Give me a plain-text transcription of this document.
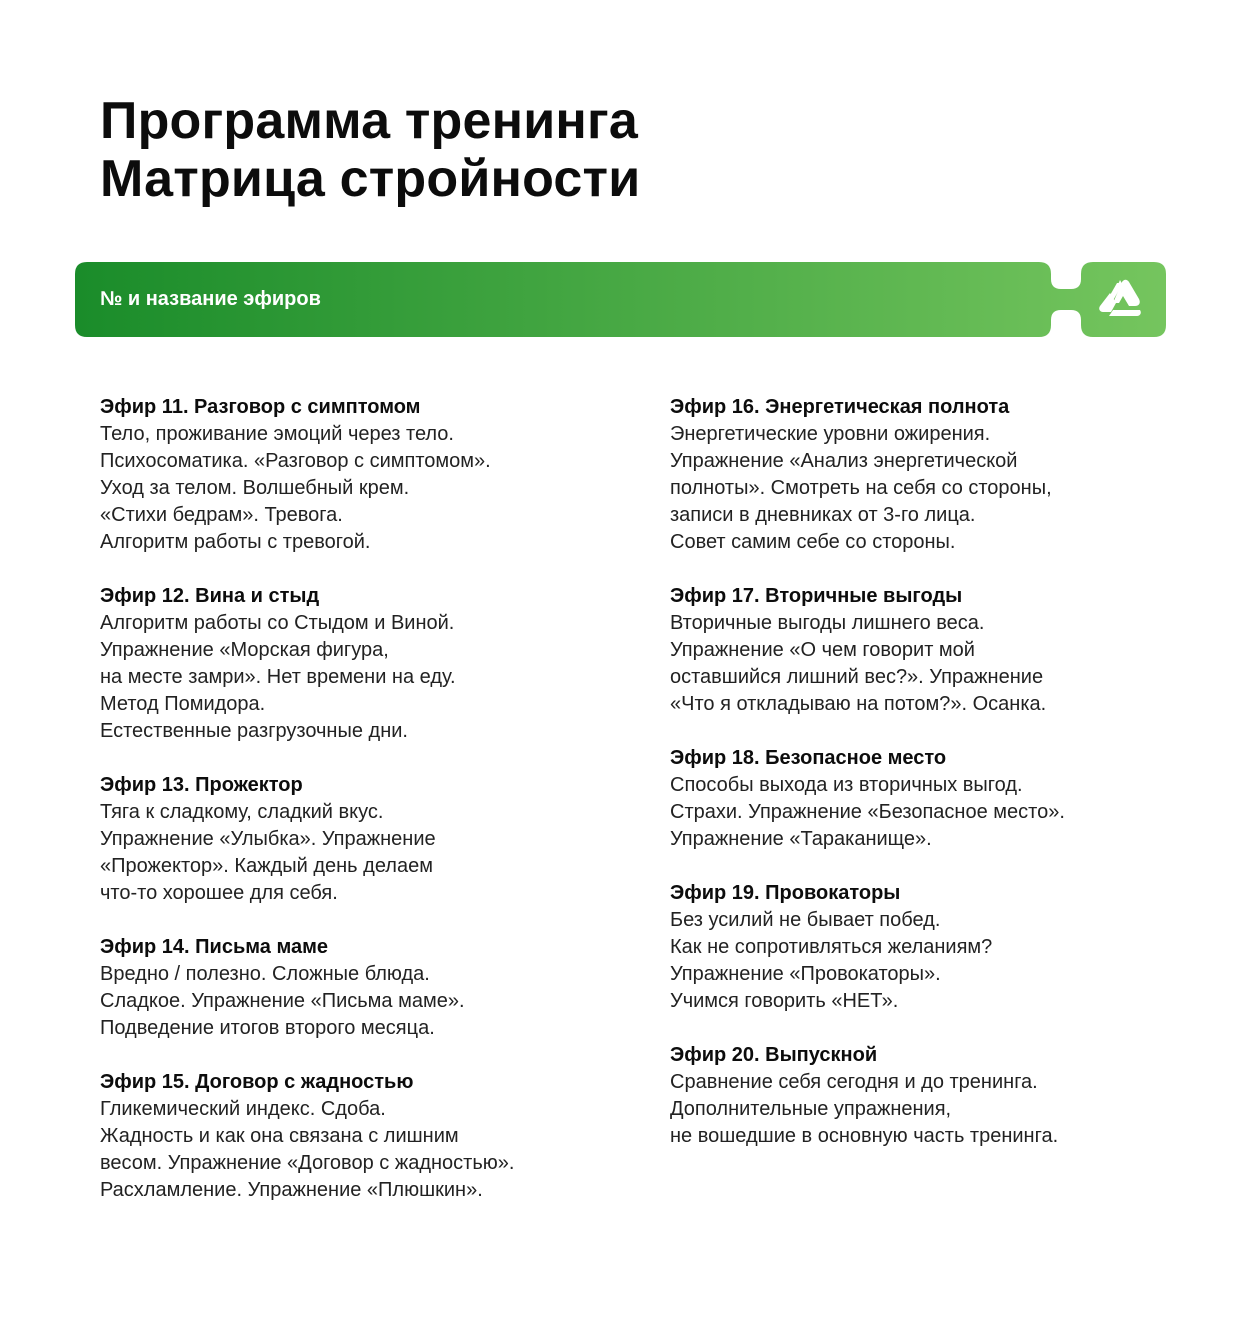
Программа тренинга
Матрица стройности
№ и название эфиров
Эфир 11. Разговор с симптомом
Тело, проживание эмоций через тело.
Психосоматика. «Разговор с симптомом».
Уход за телом. Волшебный крем.
«Стихи бедрам». Тревога.
Алгоритм работы с тревогой.
Эфир 12. Вина и стыд
Алгоритм работы со Стыдом и Виной.
Упражнение «Морская фигура,
на месте замри». Нет времени на еду.
Метод Помидора.
Естественные разгрузочные дни.
Эфир 13. Прожектор
Тяга к сладкому, сладкий вкус.
Упражнение «Улыбка». Упражнение
«Прожектор». Каждый день делаем
что-то хорошее для себя.
Эфир 14. Письма маме
Вредно / полезно. Сложные блюда.
Сладкое. Упражнение «Письма маме».
Подведение итогов второго месяца.
Эфир 15. Договор с жадностью
Гликемический индекс. Сдоба.
Жадность и как она связана с лишним
весом. Упражнение «Договор с жадностью».
Расхламление. Упражнение «Плюшкин».
Эфир 16. Энергетическая полнота
Энергетические уровни ожирения.
Упражнение «Анализ энергетической
полноты». Смотреть на себя со стороны,
записи в дневниках от 3-го лица.
Совет самим себе со стороны.
Эфир 17. Вторичные выгоды
Вторичные выгоды лишнего веса.
Упражнение «О чем говорит мой
оставшийся лишний вес?». Упражнение
«Что я откладываю на потом?». Осанка.
Эфир 18. Безопасное место
Способы выхода из вторичных выгод.
Страхи. Упражнение «Безопасное место».
Упражнение «Тараканище».
Эфир 19. Провокаторы
Без усилий не бывает побед.
Как не сопротивляться желаниям?
Упражнение «Провокаторы».
Учимся говорить «НЕТ».
Эфир 20. Выпускной
Сравнение себя сегодня и до тренинга.
Дополнительные упражнения,
не вошедшие в основную часть тренинга.
